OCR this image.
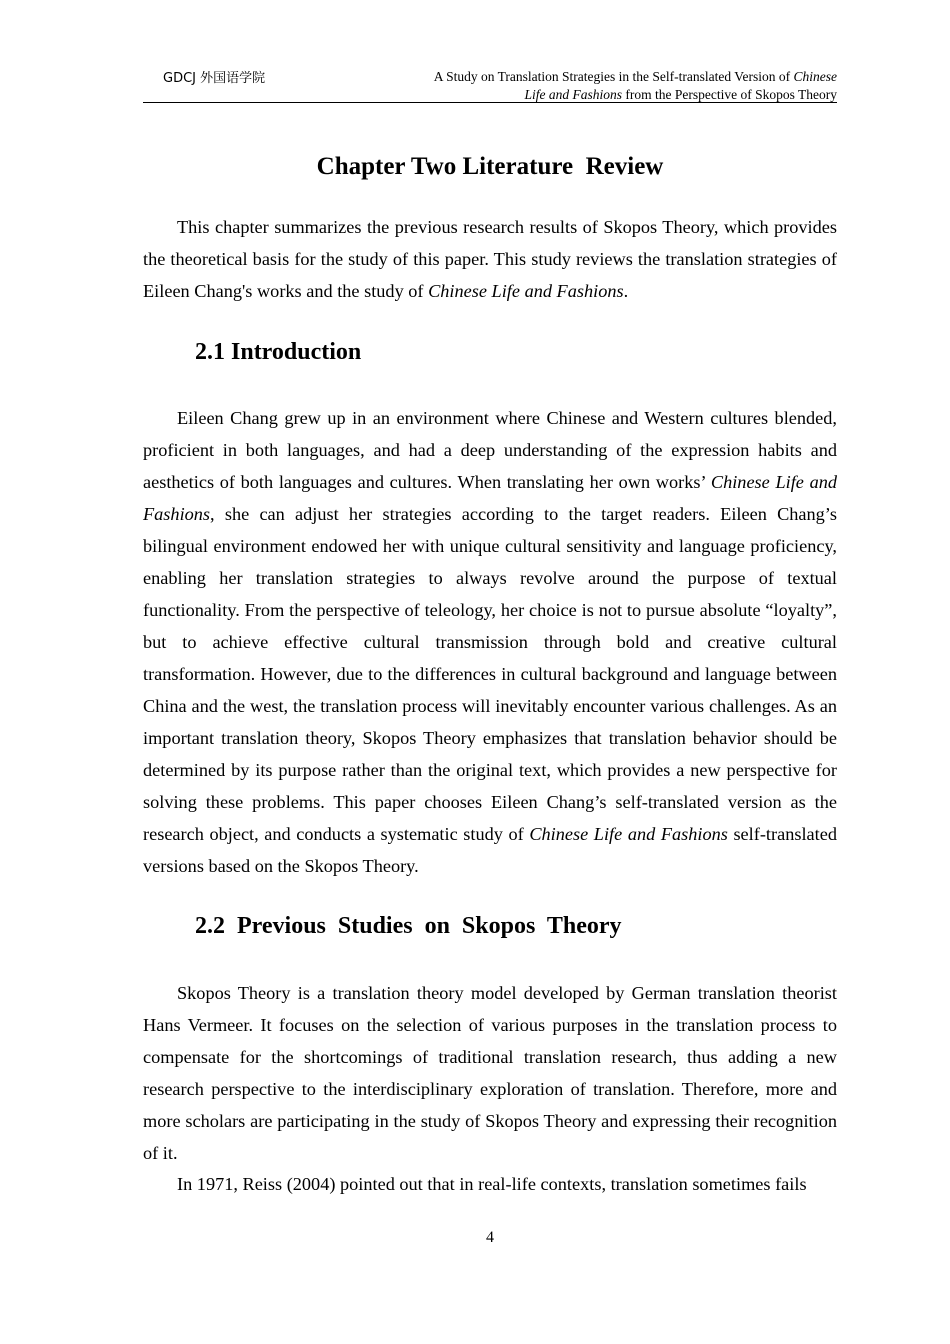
GDCJ 外国语学院	A Study on Translation Strategies in the Self-translated Version of Chinese
Life and Fashions from the Perspective of Skopos Theory
Chapter Two Literature  Review

This chapter summarizes the previous research results of Skopos Theory, which provides the theoretical basis for the study of this paper. This study reviews the translation strategies of Eileen Chang's works and the study of Chinese Life and Fashions.

2.1 Introduction

Eileen Chang grew up in an environment where Chinese and Western cultures blended, proficient in both languages, and had a deep understanding of the expression habits and aesthetics of both languages and cultures. When translating her own works’ Chinese Life and Fashions, she can adjust her strategies according to the target readers. Eileen Chang’s bilingual environment endowed her with unique cultural sensitivity and language proficiency, enabling her translation strategies to always revolve around the purpose of textual functionality. From the perspective of teleology, her choice is not to pursue absolute “loyalty”, but to achieve effective cultural transmission through bold and creative cultural transformation. However, due to the differences in cultural background and language between China and the west, the translation process will inevitably encounter various challenges. As an important translation theory, Skopos Theory emphasizes that translation behavior should be determined by its purpose rather than the original text, which provides a new perspective for solving these problems. This paper chooses Eileen Chang’s self-translated version as the research object, and conducts a systematic study of Chinese Life and Fashions self-translated versions based on the Skopos Theory.

2.2  Previous  Studies  on  Skopos  Theory

Skopos Theory is a translation theory model developed by German translation theorist Hans Vermeer. It focuses on the selection of various purposes in the translation process to compensate for the shortcomings of traditional translation research, thus adding a new research perspective to the interdisciplinary exploration of translation. Therefore, more and more scholars are participating in the study of Skopos Theory and expressing their recognition of it.

In 1971, Reiss (2004) pointed out that in real-life contexts, translation sometimes fails

4
